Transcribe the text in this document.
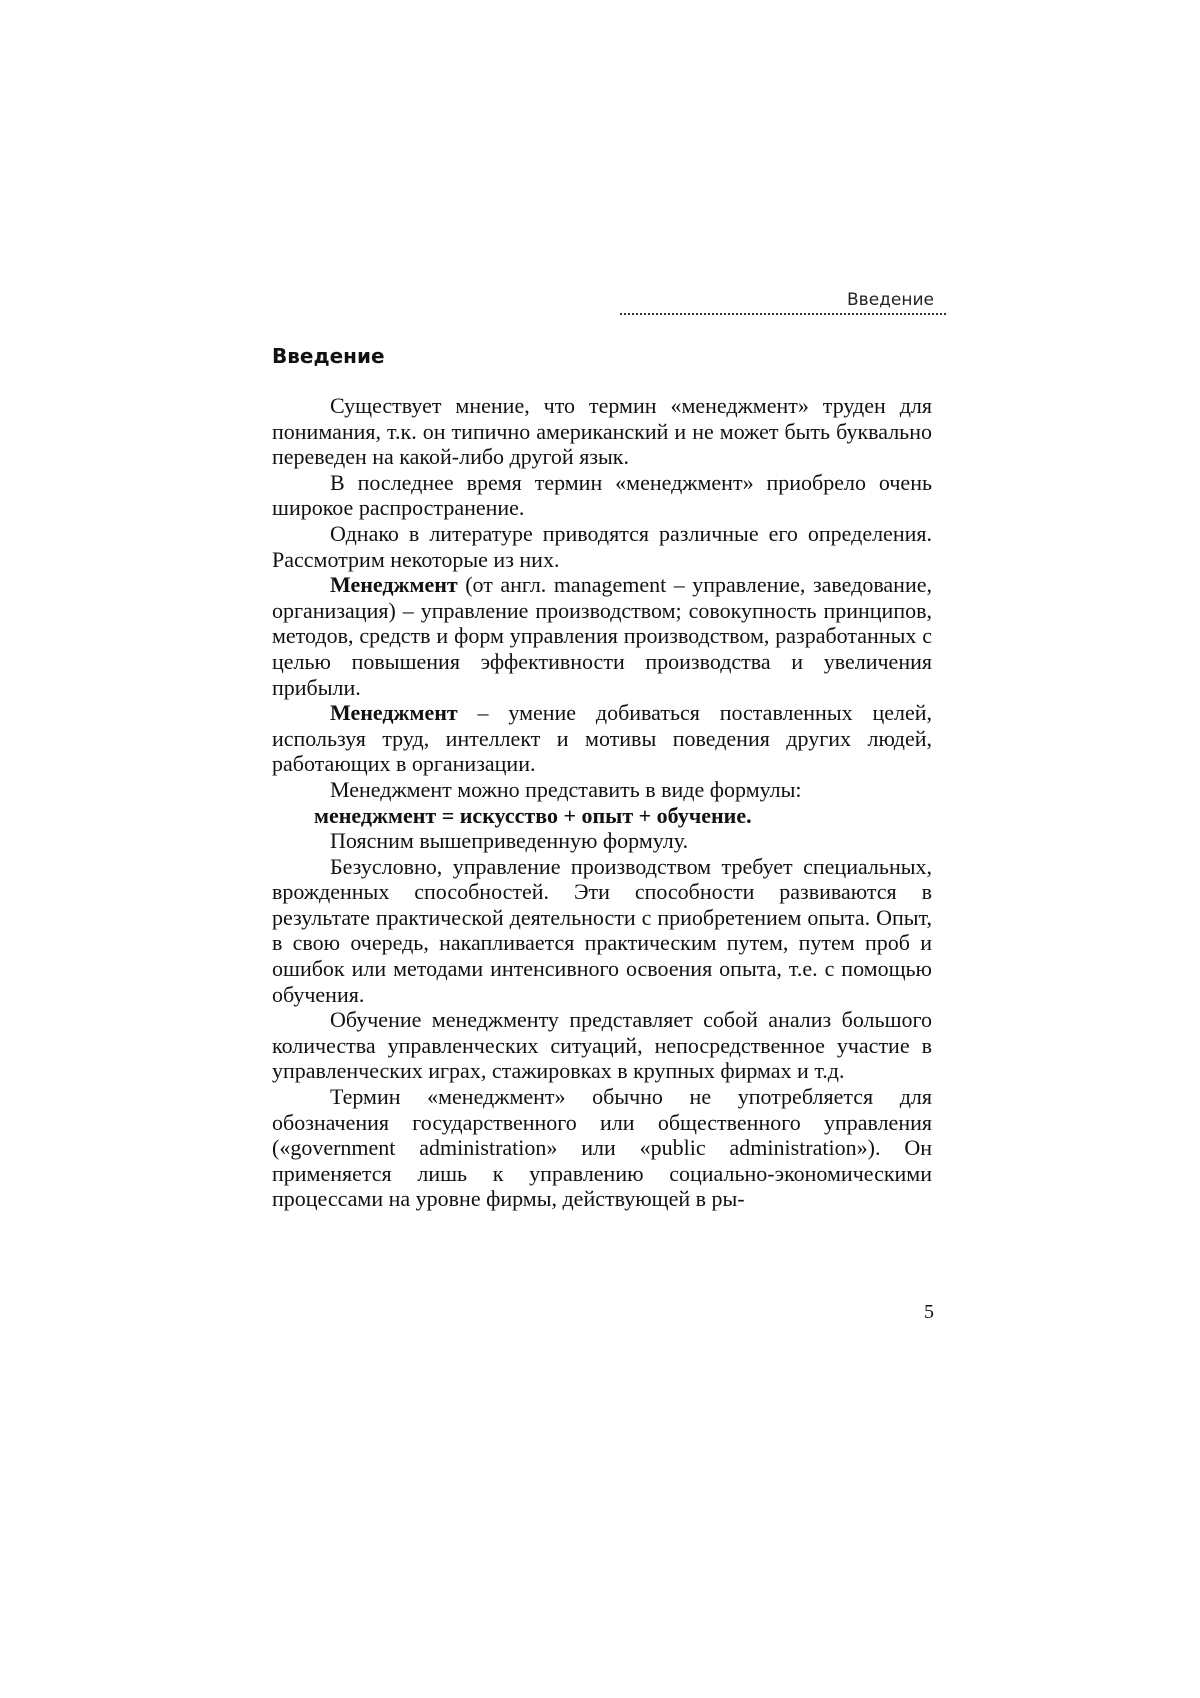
Введение
Введение

Существует мнение, что термин «менеджмент» труден для понимания, т.к. он типично американский и не может быть буквально переведен на какой-либо другой язык.

В последнее время термин «менеджмент» приобрело очень широкое распространение.

Однако в литературе приводятся различные его определения. Рассмотрим некоторые из них.

Менеджмент (от англ. management – управление, заведование, организация) – управление производством; совокупность принципов, методов, средств и форм управления производством, разработанных с целью повышения эффективности производства и увеличения прибыли.

Менеджмент – умение добиваться поставленных целей, используя труд, интеллект и мотивы поведения других людей, работающих в организации.

Менеджмент можно представить в виде формулы:

менеджмент = искусство + опыт + обучение.

Поясним вышеприведенную формулу.

Безусловно, управление производством требует специальных, врожденных способностей. Эти способности развиваются в результате практической деятельности с приобретением опыта. Опыт, в свою очередь, накапливается практическим путем, путем проб и ошибок или методами интенсивного освоения опыта, т.е. с помощью обучения.

Обучение менеджменту представляет собой анализ большого количества управленческих ситуаций, непосредственное участие в управленческих играх, стажировках в крупных фирмах и т.д.

Термин «менеджмент» обычно не употребляется для обозначения государственного или общественного управления («government administration» или «public administration»). Он применяется лишь к управлению социально-экономическими процессами на уровне фирмы, действующей в ры-

5
